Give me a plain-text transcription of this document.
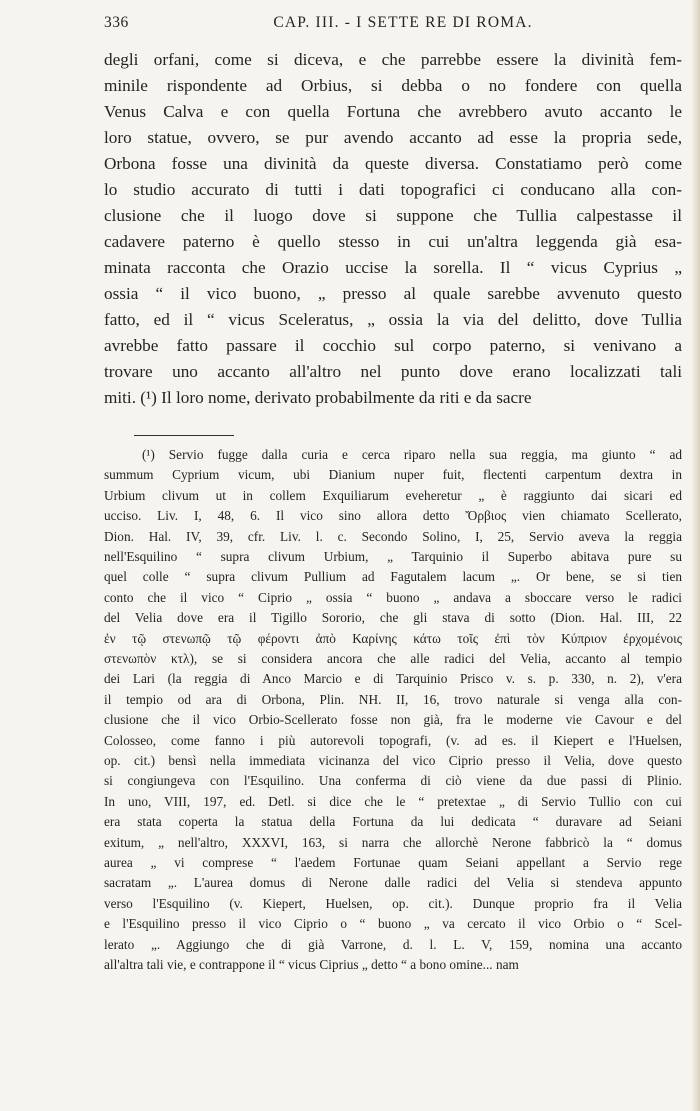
336	CAP. III. - I SETTE RE DI ROMA.
degli orfani, come si diceva, e che parrebbe essere la divinità fem-
minile rispondente ad Orbius, si debba o no fondere con quella
Venus Calva e con quella Fortuna che avrebbero avuto accanto le
loro statue, ovvero, se pur avendo accanto ad esse la propria sede,
Orbona fosse una divinità da queste diversa. Constatiamo però come
lo studio accurato di tutti i dati topografici ci conducano alla con-
clusione che il luogo dove si suppone che Tullia calpestasse il
cadavere paterno è quello stesso in cui un'altra leggenda già esa-
minata racconta che Orazio uccise la sorella. Il “ vicus Cyprius „
ossia “ il vico buono, „ presso al quale sarebbe avvenuto questo
fatto, ed il “ vicus Sceleratus, „ ossia la via del delitto, dove Tullia
avrebbe fatto passare il cocchio sul corpo paterno, si venivano a
trovare uno accanto all'altro nel punto dove erano localizzati tali
miti. (¹) Il loro nome, derivato probabilmente da riti e da sacre
(¹) Servio fugge dalla curia e cerca riparo nella sua reggia, ma giunto “ ad
summum Cyprium vicum, ubi Dianium nuper fuit, flectenti carpentum dextra in
Urbium clivum ut in collem Exquiliarum eveheretur „ è raggiunto dai sicari ed
ucciso. Liv. I, 48, 6. Il vico sino allora detto Ὄρβιος vien chiamato Scellerato,
Dion. Hal. IV, 39, cfr. Liv. l. c. Secondo Solino, I, 25, Servio aveva la reggia
nell'Esquilino “ supra clivum Urbium, „ Tarquinio il Superbo abitava pure su
quel colle “ supra clivum Pullium ad Fagutalem lacum „. Or bene, se si tien
conto che il vico “ Ciprio „ ossia “ buono „ andava a sboccare verso le radici
del Velia dove era il Tigillo Sororio, che gli stava di sotto (Dion. Hal. III, 22
ἐν τῷ στενωπῷ τῷ φέροντι ἀπὸ Καρίνης κάτω τοῖς ἐπὶ τὸν Κύπριον ἐρχομένοις
στενωπὸν κτλ), se si considera ancora che alle radici del Velia, accanto al tempio
dei Lari (la reggia di Anco Marcio e di Tarquinio Prisco v. s. p. 330, n. 2), v'era
il tempio od ara di Orbona, Plin. NH. II, 16, trovo naturale si venga alla con-
clusione che il vico Orbio-Scellerato fosse non già, fra le moderne vie Cavour e del
Colosseo, come fanno i più autorevoli topografi, (v. ad es. il Kiepert e l'Huelsen,
op. cit.) bensì nella immediata vicinanza del vico Ciprio presso il Velia, dove questo
si congiungeva con l'Esquilino. Una conferma di ciò viene da due passi di Plinio.
In uno, VIII, 197, ed. Detl. si dice che le “ pretextae „ di Servio Tullio con cui
era stata coperta la statua della Fortuna da lui dedicata “ duravare ad Seiani
exitum, „ nell'altro, XXXVI, 163, si narra che allorchè Nerone fabbricò la “ domus
aurea „ vi comprese “ l'aedem Fortunae quam Seiani appellant a Servio rege
sacratam „. L'aurea domus di Nerone dalle radici del Velia si stendeva appunto
verso l'Esquilino (v. Kiepert, Huelsen, op. cit.). Dunque proprio fra il Velia
e l'Esquilino presso il vico Ciprio o “ buono „ va cercato il vico Orbio o “ Scel-
lerato „. Aggiungo che di già Varrone, d. l. L. V, 159, nomina una accanto
all'altra tali vie, e contrappone il “ vicus Ciprius „ detto “ a bono omine... nam
